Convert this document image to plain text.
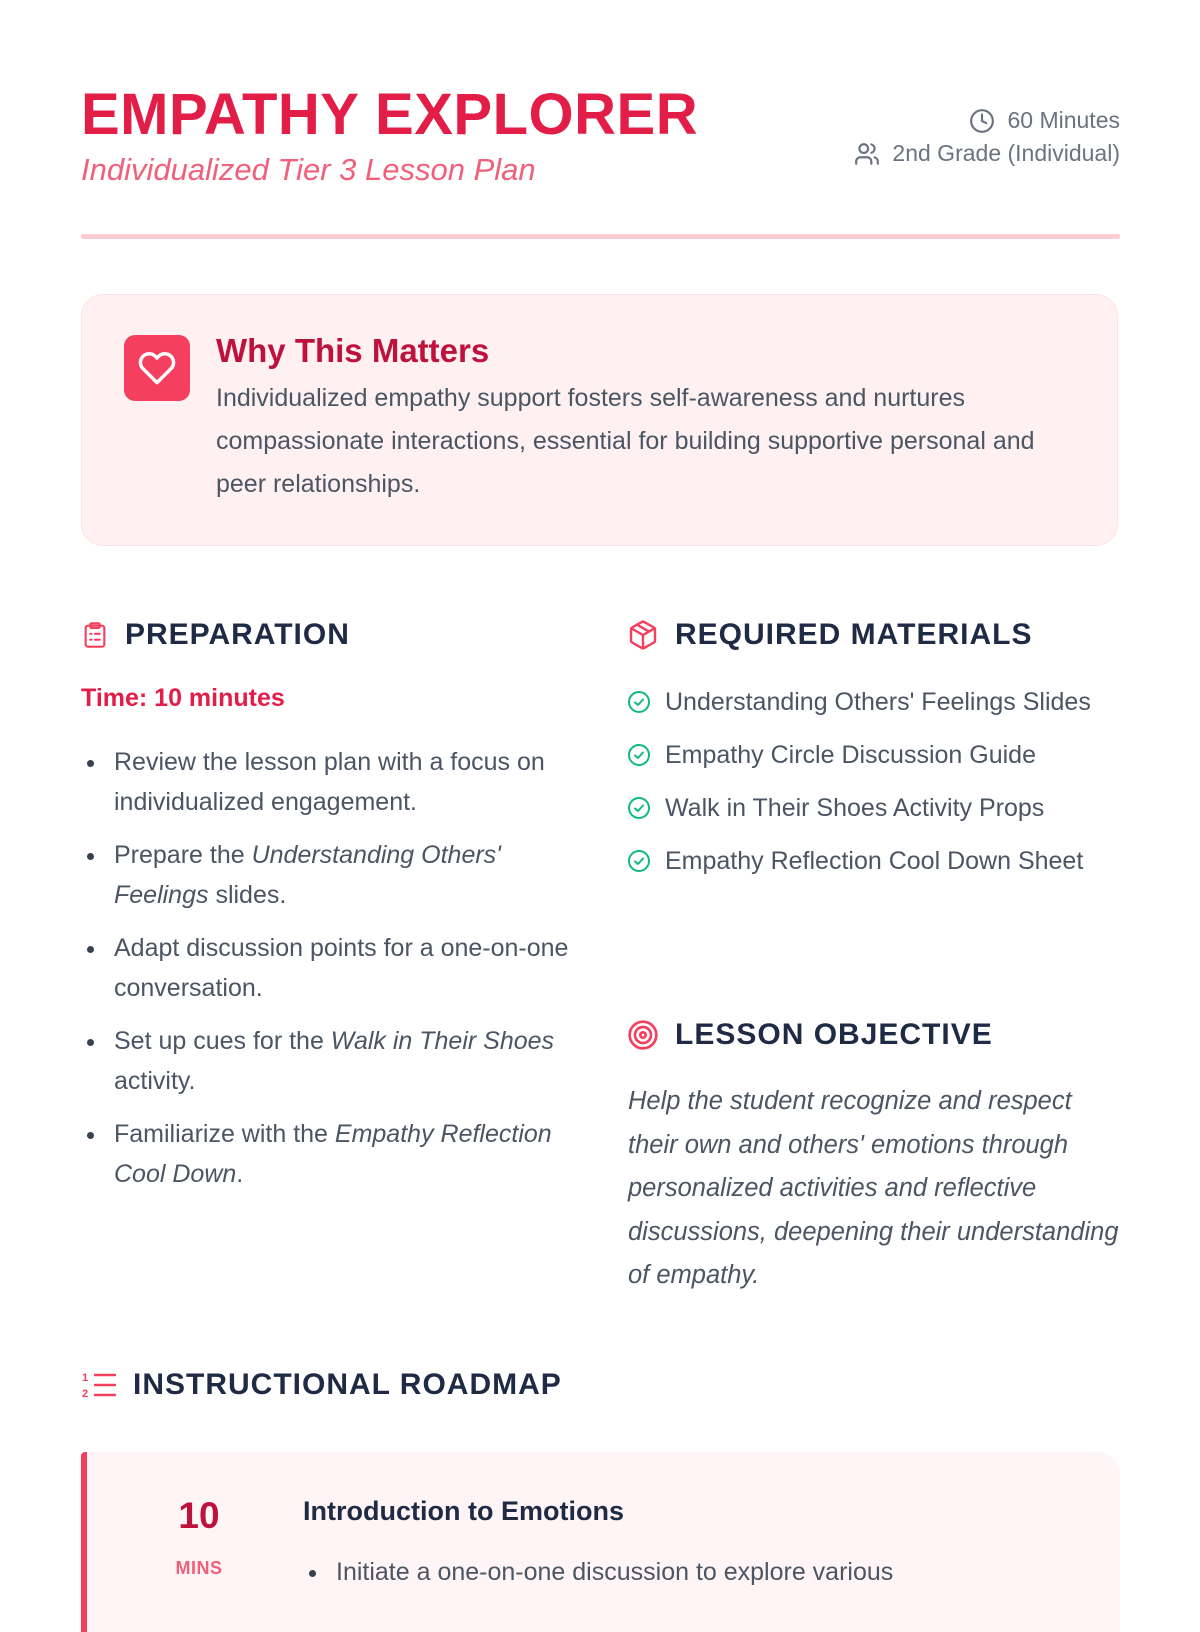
EMPATHY EXPLORER

Individualized Tier 3 Lesson Plan

60 Minutes
2nd Grade (Individual)
Why This Matters

Individualized empathy support fosters self-awareness and nurtures compassionate interactions, essential for building supportive personal and peer relationships.

PREPARATION

Time: 10 minutes

Review the lesson plan with a focus on individualized engagement.
Prepare the Understanding Others' Feelings slides.
Adapt discussion points for a one-on-one conversation.
Set up cues for the Walk in Their Shoes activity.
Familiarize with the Empathy Reflection Cool Down.
REQUIRED MATERIALS
Understanding Others' Feelings Slides
Empathy Circle Discussion Guide
Walk in Their Shoes Activity Props
Empathy Reflection Cool Down Sheet
LESSON OBJECTIVE

Help the student recognize and respect their own and others' emotions through personalized activities and reflective discussions, deepening their understanding of empathy.

1
2 INSTRUCTIONAL ROADMAP

10

MINS

Introduction to Emotions
Initiate a one-on-one discussion to explore various
